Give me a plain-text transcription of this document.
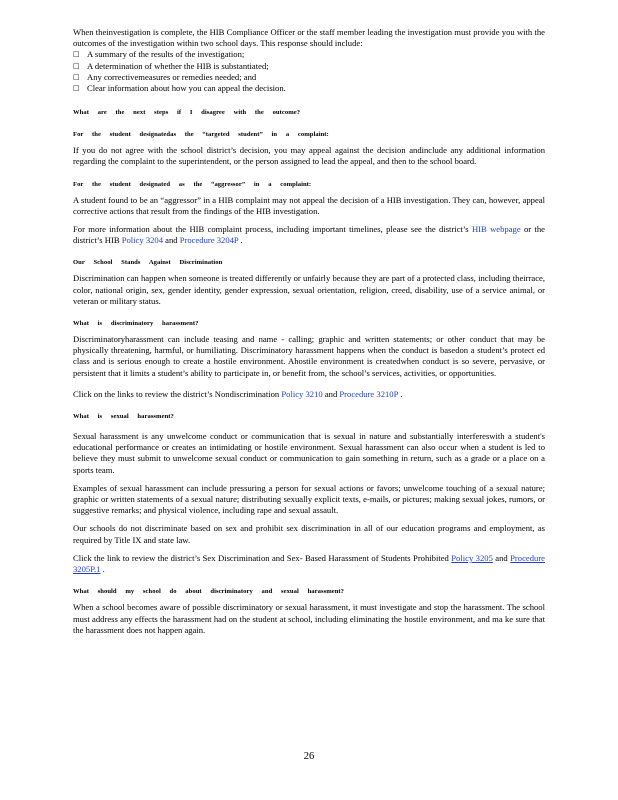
When theinvestigation is complete, the HIB Compliance Officer or the staff member leading the investigation must provide you with the outcomes of the investigation within two school days. This response should include:

□ A summary of the results of the investigation;
□ A determination of whether the HIB is substantiated;
□ Any correctivemeasures or remedies needed; and
□ Clear information about how you can appeal the decision.
What are the next steps if I disagree with the outcome?
For the student designatedas the “targeted student” in a complaint:

If you do not agree with the school district’s decision, you may appeal against the decision andinclude any additional information regarding the complaint to the superintendent, or the person assigned to lead the appeal, and then to the school board.

For the student designated as the “aggressor” in a complaint:

A student found to be an “aggressor” in a HIB complaint may not appeal the decision of a HIB investigation. They can, however, appeal corrective actions that result from the findings of the HIB investigation.

For more information about the HIB complaint process, including important timelines, please see the district’s HIB webpage or the district’s HIB Policy 3204 and Procedure 3204P .

Our School Stands Against Discrimination

Discrimination can happen when someone is treated differently or unfairly because they are part of a protected class, including theirrace, color, national origin, sex, gender identity, gender expression, sexual orientation, religion, creed, disability, use of a service animal, or veteran or military status.

What is discriminatory harassment?

Discriminatoryharassment can include teasing and name - calling; graphic and written statements; or other conduct that may be physically threatening, harmful, or humiliating. Discriminatory harassment happens when the conduct is basedon a student’s protect ed class and is serious enough to create a hostile environment. Ahostile environment is createdwhen conduct is so severe, pervasive, or persistent that it limits a student’s ability to participate in, or benefit from, the school’s services, activities, or opportunities.

Click on the links to review the district’s Nondiscrimination Policy 3210 and Procedure 3210P .

What is sexual harassment?

Sexual harassment is any unwelcome conduct or communication that is sexual in nature and substantially interfereswith a student's educational performance or creates an intimidating or hostile environment. Sexual harassment can also occur when a student is led to believe they must submit to unwelcome sexual conduct or communication to gain something in return, such as a grade or a place on a sports team.

Examples of sexual harassment can include pressuring a person for sexual actions or favors; unwelcome touching of a sexual nature; graphic or written statements of a sexual nature; distributing sexually explicit texts, e-mails, or pictures; making sexual jokes, rumors, or suggestive remarks; and physical violence, including rape and sexual assault.

Our schools do not discriminate based on sex and prohibit sex discrimination in all of our education programs and employment, as required by Title IX and state law.

Click the link to review the district’s Sex Discrimination and Sex- Based Harassment of Students Prohibited Policy 3205 and Procedure 3205P.1 .

What should my school do about discriminatory and sexual harassment?

When a school becomes aware of possible discriminatory or sexual harassment, it must investigate and stop the harassment. The school must address any effects the harassment had on the student at school, including eliminating the hostile environment, and ma ke sure that the harassment does not happen again.

26
